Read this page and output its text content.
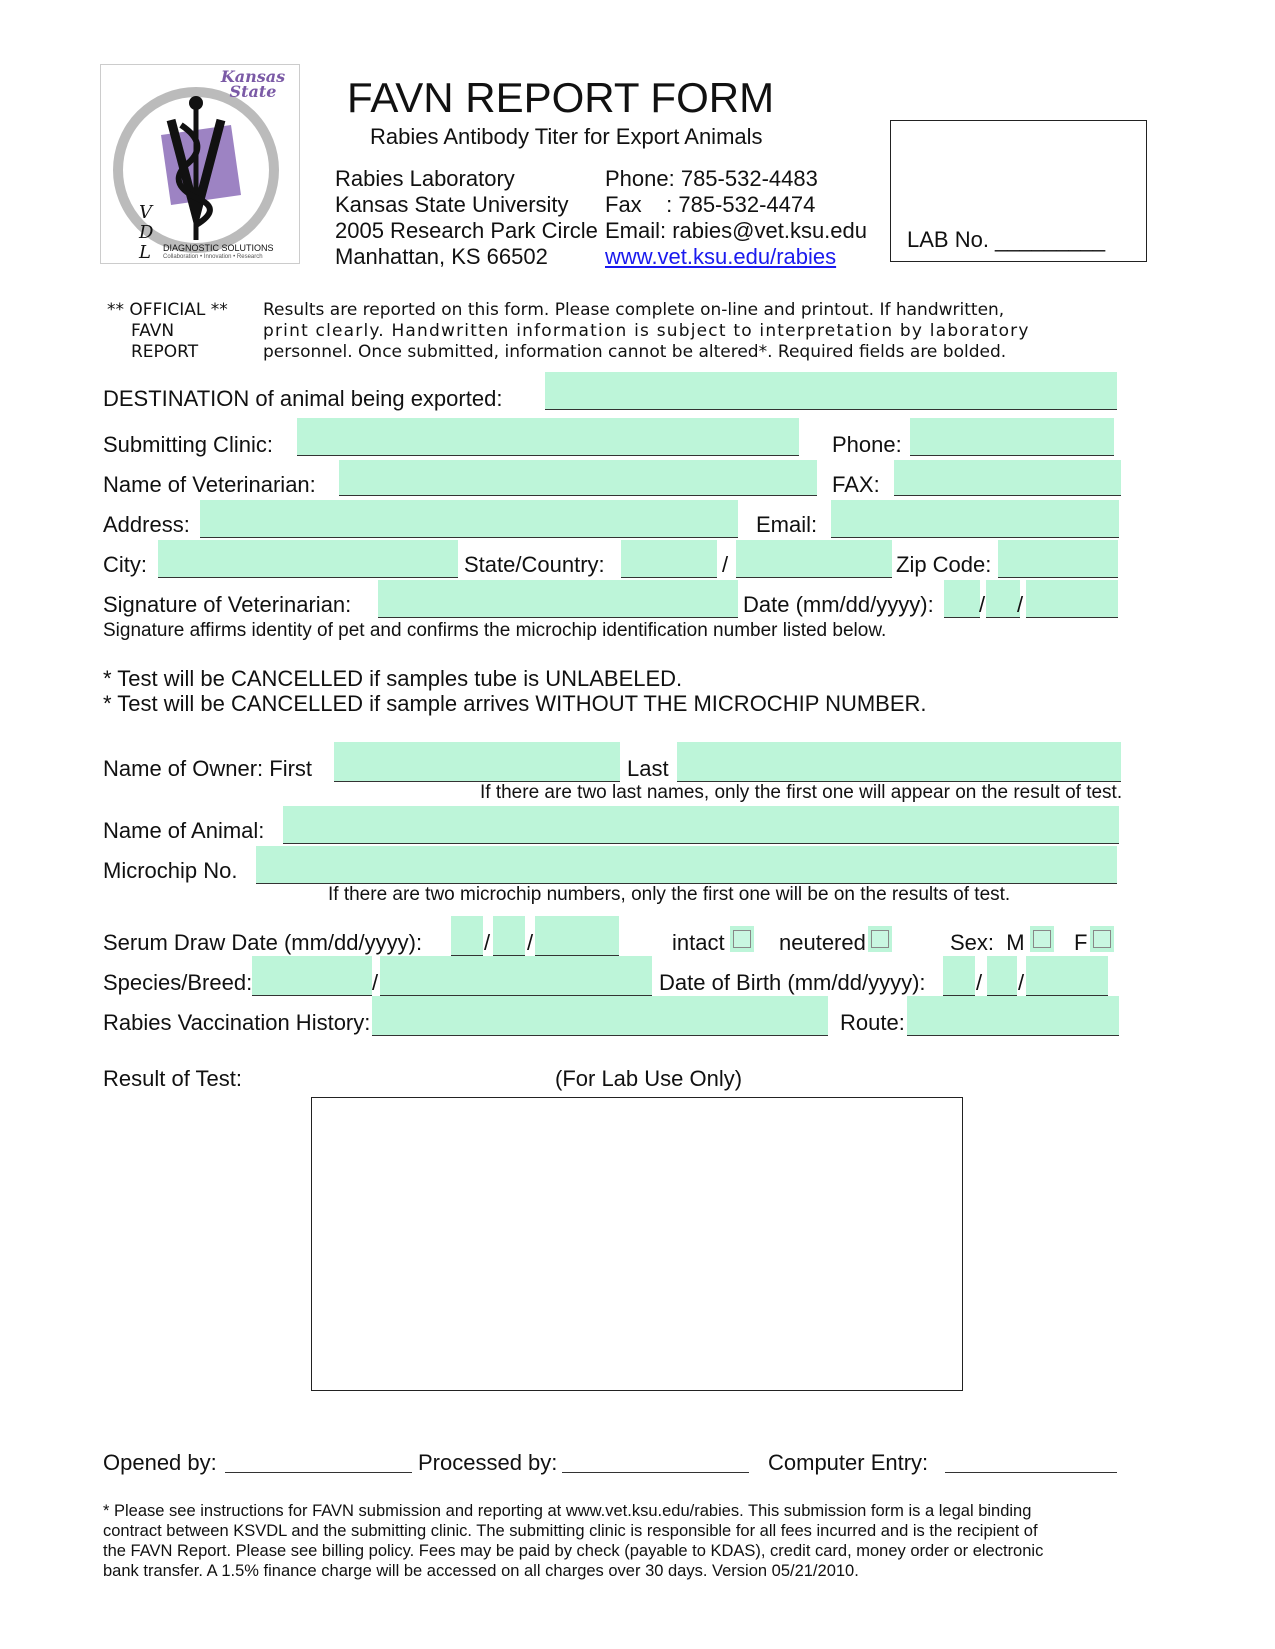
Kansas State
VDL DIAGNOSTIC SOLUTIONS
Collaboration • Innovation • Research
FAVN REPORT FORM
Rabies Antibody Titer for Export Animals
Rabies Laboratory
Kansas State University
2005 Research Park Circle
Manhattan, KS 66502
Phone: 785-532-4483
Fax    : 785-532-4474
Email: rabies@vet.ksu.edu
www.vet.ksu.edu/rabies
LAB No. _________
** OFFICIAL **
FAVN
REPORT
Results are reported on this form. Please complete on-line and printout. If handwritten,
print clearly. Handwritten information is subject to interpretation by laboratory
personnel. Once submitted, information cannot be altered*. Required fields are bolded.
DESTINATION of animal being exported:
Submitting Clinic:	Phone:
Name of Veterinarian:	FAX:
Address:	Email:
City:	State/Country:	/	Zip Code:
Signature of Veterinarian:	Date (mm/dd/yyyy): / /
Signature affirms identity of pet and confirms the microchip identification number listed below.
* Test will be CANCELLED if samples tube is UNLABELED.
* Test will be CANCELLED if sample arrives WITHOUT THE MICROCHIP NUMBER.
Name of Owner: First	Last
If there are two last names, only the first one will appear on the result of test.
Name of Animal:
Microchip No.
If there are two microchip numbers, only the first one will be on the results of test.
Serum Draw Date (mm/dd/yyyy):	/ /	intact neutered	Sex:  M F
Species/Breed:	/	Date of Birth (mm/dd/yyyy): / /
Rabies Vaccination History:	Route:
Result of Test:	(For Lab Use Only)
Opened by:	Processed by:	Computer Entry:
* Please see instructions for FAVN submission and reporting at www.vet.ksu.edu/rabies. This submission form is a legal binding
contract between KSVDL and the submitting clinic. The submitting clinic is responsible for all fees incurred and is the recipient of
the FAVN Report. Please see billing policy. Fees may be paid by check (payable to KDAS), credit card, money order or electronic
bank transfer. A 1.5% finance charge will be accessed on all charges over 30 days. Version 05/21/2010.
